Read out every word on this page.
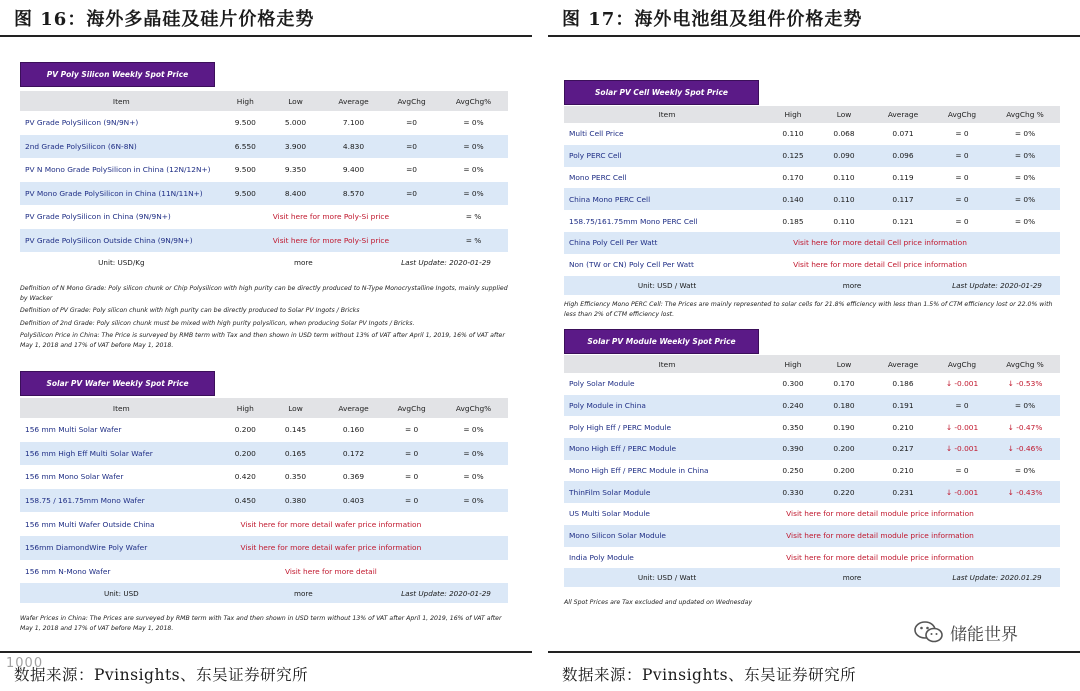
图 16：海外多晶硅及硅片价格走势
数据来源：Pvinsights、东吴证券研究所
PV Poly Silicon Weekly Spot Price
Item	High	Low	Average	AvgChg	AvgChg%
PV Grade PolySilicon (9N/9N+)	9.500	5.000	7.100	=0	= 0%
2nd Grade PolySilicon (6N-8N)	6.550	3.900	4.830	=0	= 0%
PV N Mono Grade PolySilicon in China (12N/12N+)	9.500	9.350	9.400	=0	= 0%
PV Mono Grade PolySilicon in China (11N/11N+)	9.500	8.400	8.570	=0	= 0%
PV Grade PolySilicon in China (9N/9N+)	Visit here for more Poly-Si price	= %
PV Grade PolySilicon Outside China (9N/9N+)	Visit here for more Poly-Si price	= %
Unit: USD/Kg	more	Last Update: 2020-01-29
Definition of N Mono Grade: Poly silicon chunk or Chip Polysilicon with high purity can be directly produced to N-Type Monocrystalline Ingots, mainly supplied by Wacker
Definition of PV Grade: Poly silicon chunk with high purity can be directly produced to Solar PV Ingots / Bricks
Definition of 2nd Grade: Poly silicon chunk must be mixed with high purity polysilicon, when producing Solar PV Ingots / Bricks.
PolySilicon Price in China: The Price is surveyed by RMB term with Tax and then shown in USD term without 13% of VAT after April 1, 2019, 16% of VAT after May 1, 2018 and 17% of VAT before May 1, 2018.
Solar PV Wafer Weekly Spot Price
Item	High	Low	Average	AvgChg	AvgChg%
156 mm Multi Solar Wafer	0.200	0.145	0.160	= 0	= 0%
156 mm High Eff Multi Solar Wafer	0.200	0.165	0.172	= 0	= 0%
156 mm Mono Solar Wafer	0.420	0.350	0.369	= 0	= 0%
158.75 / 161.75mm Mono Wafer	0.450	0.380	0.403	= 0	= 0%
156 mm Multi Wafer Outside China	Visit here for more detail wafer price information
156mm DiamondWire Poly Wafer	Visit here for more detail wafer price information
156 mm N-Mono Wafer	Visit here for more detail
Unit: USD	more	Last Update: 2020-01-29
Wafer Prices in China: The Prices are surveyed by RMB term with Tax and then shown in USD term without 13% of VAT after April 1, 2019, 16% of VAT after May 1, 2018 and 17% of VAT before May 1, 2018.
图 17：海外电池组及组件价格走势
数据来源：Pvinsights、东吴证券研究所
Solar PV Cell Weekly Spot Price
Item	High	Low	Average	AvgChg	AvgChg %
Multi Cell Price	0.110	0.068	0.071	= 0	= 0%
Poly PERC Cell	0.125	0.090	0.096	= 0	= 0%
Mono PERC Cell	0.170	0.110	0.119	= 0	= 0%
China Mono PERC Cell	0.140	0.110	0.117	= 0	= 0%
158.75/161.75mm Mono PERC Cell	0.185	0.110	0.121	= 0	= 0%
China Poly Cell Per Watt	Visit here for more detail Cell price information
Non (TW or CN) Poly Cell Per Watt	Visit here for more detail Cell price information
Unit: USD / Watt	more	Last Update: 2020-01-29
High Efficiency Mono PERC Cell: The Prices are mainly represented to solar cells for 21.8% efficiency with less than 1.5% of CTM efficiency lost or 22.0% with less than 2% of CTM efficiency lost.
Solar PV Module Weekly Spot Price
Item	High	Low	Average	AvgChg	AvgChg %
Poly Solar Module	0.300	0.170	0.186	↓ -0.001	↓ -0.53%
Poly Module in China	0.240	0.180	0.191	= 0	= 0%
Poly High Eff / PERC Module	0.350	0.190	0.210	↓ -0.001	↓ -0.47%
Mono High Eff / PERC Module	0.390	0.200	0.217	↓ -0.001	↓ -0.46%
Mono High Eff / PERC Module in China	0.250	0.200	0.210	= 0	= 0%
ThinFilm Solar Module	0.330	0.220	0.231	↓ -0.001	↓ -0.43%
US Multi Solar Module	Visit here for more detail module price information
Mono Silicon Solar Module	Visit here for more detail module price information
India Poly Module	Visit here for more detail module price information
Unit: USD / Watt	more	Last Update: 2020.01.29
All Spot Prices are Tax excluded and updated on Wednesday
1000
储能世界
